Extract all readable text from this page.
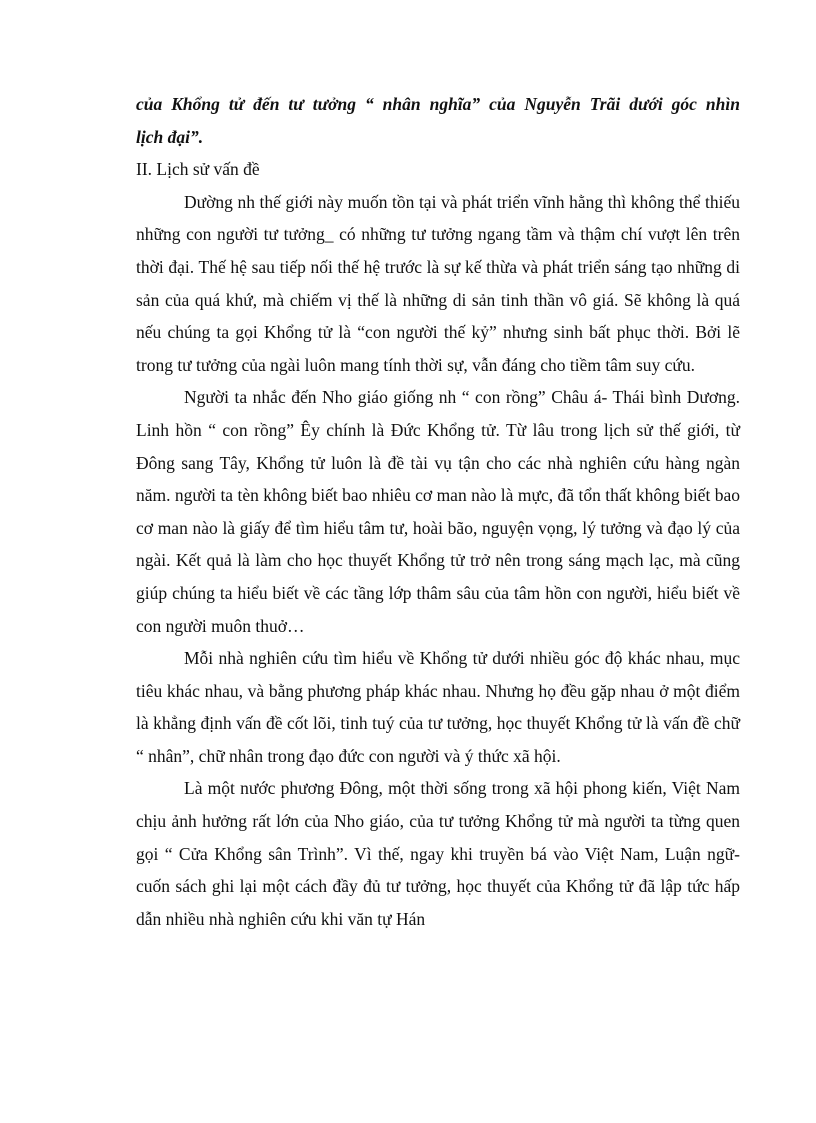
của Khổng tử đến tư tưởng “ nhân nghĩa” của Nguyễn Trãi dưới góc nhìn

lịch đại”.

II. Lịch sử vấn đề

Dường nh thế giới này muốn tồn tại và phát triển vĩnh hằng thì không thể thiếu những con người tư tưởng_ có những tư tưởng ngang tầm và thậm chí vượt lên trên thời đại. Thế hệ sau tiếp nối thế hệ trước là sự kế thừa và phát triển sáng tạo những di sản của quá khứ, mà chiếm vị thế là những di sản tinh thần vô giá. Sẽ không là quá nếu chúng ta gọi Khổng tử là “con người thế kỷ” nhưng sinh bất phục thời. Bởi lẽ trong tư tưởng của ngài luôn mang tính thời sự, vẫn đáng cho tiềm tâm suy cứu.

Người ta nhắc đến Nho giáo giống nh “ con rồng” Châu á- Thái bình Dương. Linh hồn “ con rồng” Êy chính là Đức Khổng tử. Từ lâu trong lịch sử thế giới, từ Đông sang Tây, Khổng tử luôn là đề tài vụ tận cho các nhà nghiên cứu hàng ngàn năm. người ta tèn không biết bao nhiêu cơ man nào là mực, đã tổn thất không biết bao cơ man nào là giấy để tìm hiểu tâm tư, hoài bão, nguyện vọng, lý tưởng và đạo lý của ngài. Kết quả là làm cho học thuyết Khổng tử trở nên trong sáng mạch lạc, mà cũng giúp chúng ta hiểu biết về các tầng lớp thâm sâu của tâm hồn con người, hiểu biết về con người muôn thuở…

Mỗi nhà nghiên cứu tìm hiểu về Khổng tử dưới nhiều góc độ khác nhau, mục tiêu khác nhau, và bằng phương pháp khác nhau. Nhưng họ đều gặp nhau ở một điểm là khẳng định vấn đề cốt lõi, tinh tuý của tư tưởng, học thuyết Khổng tử là vấn đề chữ “ nhân”, chữ nhân trong đạo đức con người và ý thức xã hội.

Là một nước phương Đông, một thời sống trong xã hội phong kiến, Việt Nam chịu ảnh hưởng rất lớn của Nho giáo, của tư tưởng Khổng tử mà người ta từng quen gọi “ Cửa Khổng sân Trình”. Vì thế, ngay khi truyền bá vào Việt Nam, Luận ngữ- cuốn sách ghi lại một cách đầy đủ tư tưởng, học thuyết của Khổng tử đã lập tức hấp dẫn nhiều nhà nghiên cứu khi văn tự Hán
